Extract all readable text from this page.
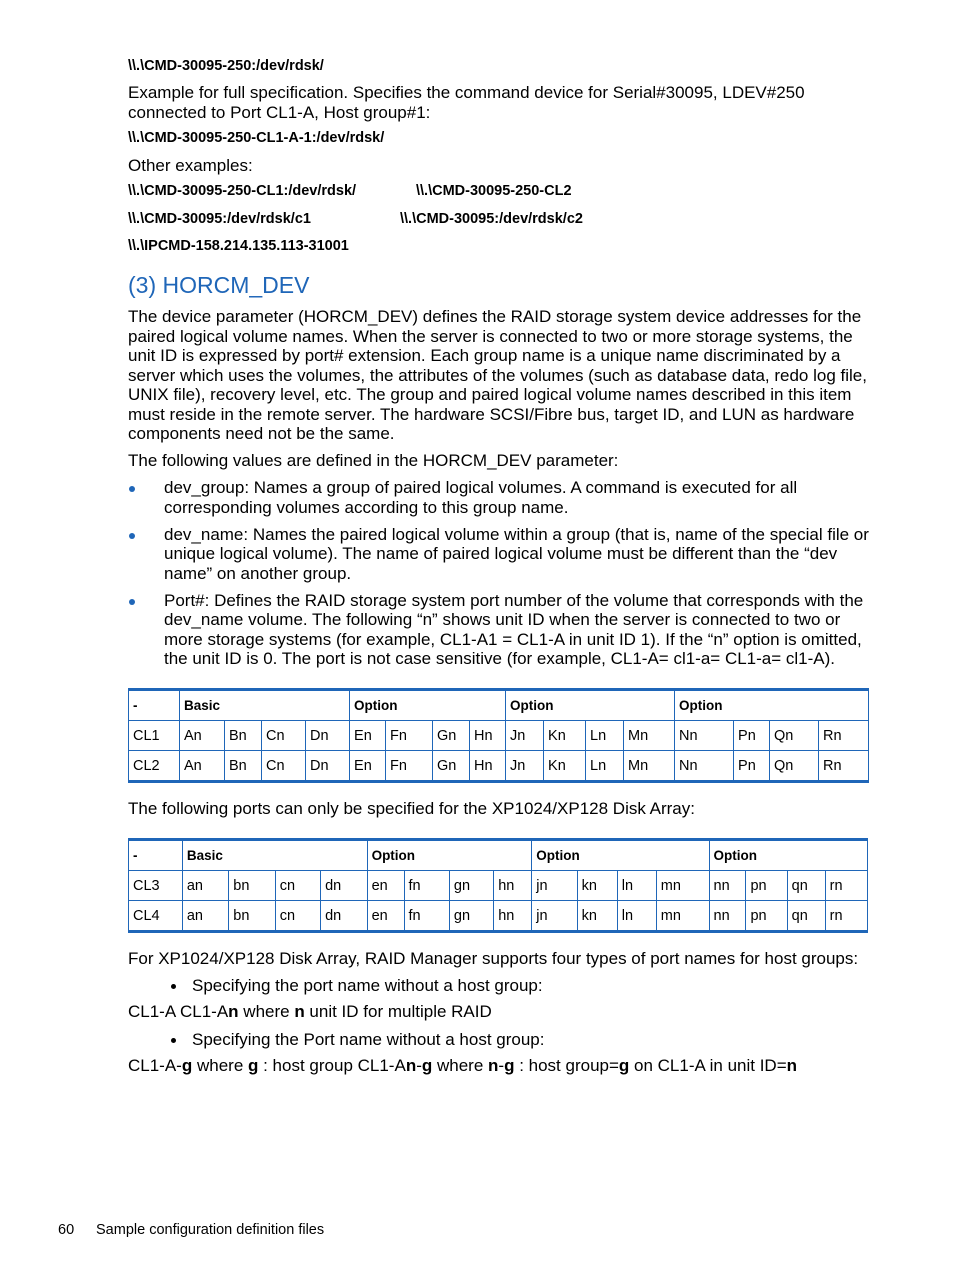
\\.\CMD-30095-250:/dev/rdsk/
Example for full specification. Specifies the command device for Serial#30095, LDEV#250 connected to Port CL1-A, Host group#1:
\\.\CMD-30095-250-CL1-A-1:/dev/rdsk/
Other examples:
\\.\CMD-30095-250-CL1:/dev/rdsk/	\\.\CMD-30095-250-CL2
\\.\CMD-30095:/dev/rdsk/c1	\\.\CMD-30095:/dev/rdsk/c2
\\.\IPCMD-158.214.135.113-31001
(3) HORCM_DEV
The device parameter (HORCM_DEV) defines the RAID storage system device addresses for the paired logical volume names. When the server is connected to two or more storage systems, the unit ID is expressed by port# extension. Each group name is a unique name discriminated by a server which uses the volumes, the attributes of the volumes (such as database data, redo log file, UNIX file), recovery level, etc. The group and paired logical volume names described in this item must reside in the remote server. The hardware SCSI/Fibre bus, target ID, and LUN as hardware components need not be the same.
The following values are defined in the HORCM_DEV parameter:
dev_group: Names a group of paired logical volumes. A command is executed for all corresponding volumes according to this group name.
dev_name: Names the paired logical volume within a group (that is, name of the special file or unique logical volume). The name of paired logical volume must be different than the “dev name” on another group.
Port#: Defines the RAID storage system port number of the volume that corresponds with the dev_name volume. The following “n” shows unit ID when the server is connected to two or more storage systems (for example, CL1-A1 = CL1-A in unit ID 1). If the “n” option is omitted, the unit ID is 0. The port is not case sensitive (for example, CL1-A= cl1-a= CL1-a= cl1-A).
-	Basic				Option				Option				Option			
CL1	An	Bn	Cn	Dn	En	Fn	Gn	Hn	Jn	Kn	Ln	Mn	Nn	Pn	Qn	Rn
CL2	An	Bn	Cn	Dn	En	Fn	Gn	Hn	Jn	Kn	Ln	Mn	Nn	Pn	Qn	Rn
The following ports can only be specified for the XP1024/XP128 Disk Array:
-	Basic				Option				Option				Option			
CL3	an	bn	cn	dn	en	fn	gn	hn	jn	kn	ln	mn	nn	pn	qn	rn
CL4	an	bn	cn	dn	en	fn	gn	hn	jn	kn	ln	mn	nn	pn	qn	rn
For XP1024/XP128 Disk Array, RAID Manager supports four types of port names for host groups:
Specifying the port name without a host group:
CL1-A CL1-An where n unit ID for multiple RAID
Specifying the Port name without a host group:
CL1-A-g where g : host group CL1-An-g where n-g : host group=g on CL1-A in unit ID=n
60 Sample configuration definition files
